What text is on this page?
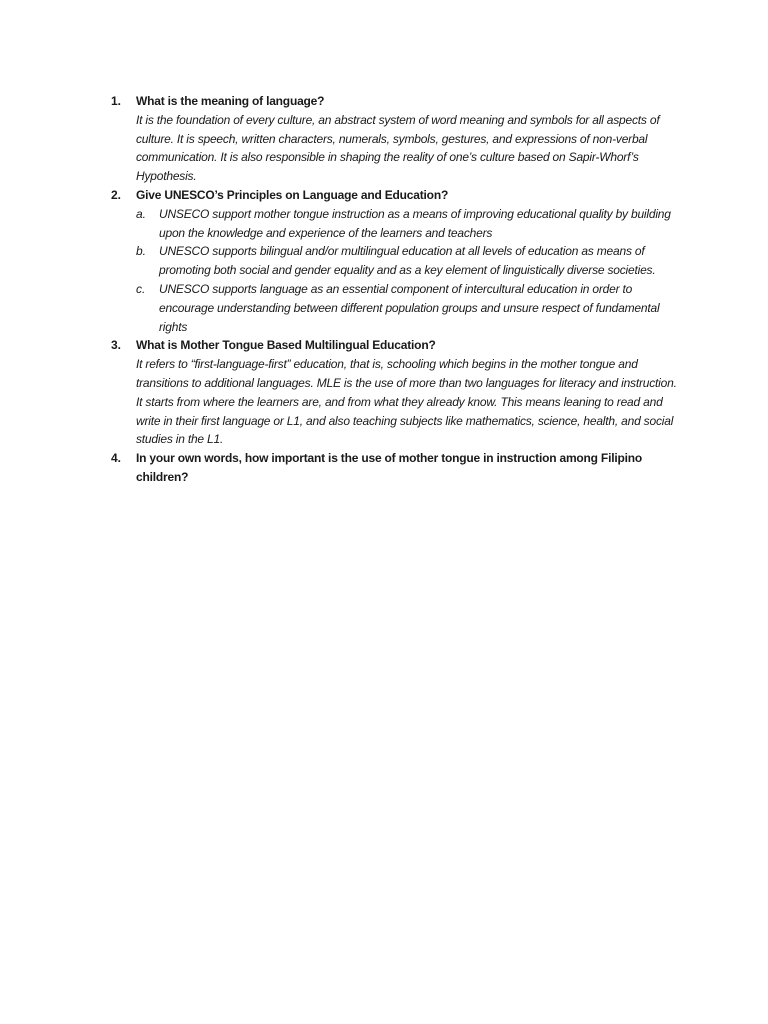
1. What is the meaning of language?
It is the foundation of every culture, an abstract system of word meaning and symbols for all aspects of culture. It is speech, written characters, numerals, symbols, gestures, and expressions of non-verbal communication. It is also responsible in shaping the reality of one’s culture based on Sapir-Whorf’s Hypothesis.
2. Give UNESCO’s Principles on Language and Education?
a. UNSECO support mother tongue instruction as a means of improving educational quality by building upon the knowledge and experience of the learners and teachers
b. UNESCO supports bilingual and/or multilingual education at all levels of education as means of promoting both social and gender equality and as a key element of linguistically diverse societies.
c. UNESCO supports language as an essential component of intercultural education in order to encourage understanding between different population groups and unsure respect of fundamental rights
3. What is Mother Tongue Based Multilingual Education?
It refers to “first-language-first” education, that is, schooling which begins in the mother tongue and transitions to additional languages. MLE is the use of more than two languages for literacy and instruction. It starts from where the learners are, and from what they already know. This means leaning to read and write in their first language or L1, and also teaching subjects like mathematics, science, health, and social studies in the L1.
4. In your own words, how important is the use of mother tongue in instruction among Filipino children?
